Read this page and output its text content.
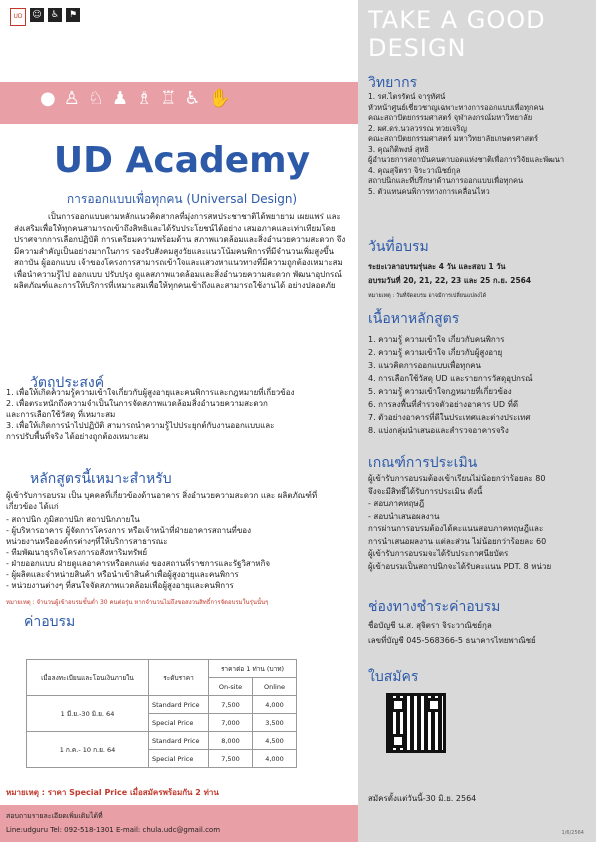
UD ☺	♿	⚑
● ♙ ♘ ♟ ♗ ♖ ♿ ✋
UD Academy
การออกแบบเพื่อทุกคน (Universal Design)
เป็นการออกแบบตามหลักแนวคิดสากลที่มุ่งการสหประชาชาติได้พยายาม เผยแพร่ และส่งเสริมเพื่อให้ทุกคนสามารถเข้าถึงสิทธิและได้รับประโยชน์ได้อย่าง เสมอภาคและเท่าเทียมโดยปราศจากการเลือกปฏิบัติ การเตรียมความพร้อมด้าน สภาพแวดล้อมและสิ่งอำนวยความสะดวก จึงมีความสำคัญเป็นอย่างมากในการ รองรับสังคมสูงวัยและแนวโน้มคนพิการที่มีจำนวนเพิ่มสูงขึ้น สถาบัน ผู้ออกแบบ เจ้าของโครงการสามารถเข้าใจและแสวงหาแนวทางที่มีความถูกต้องเหมาะสม เพื่อนำความรู้ไป ออกแบบ ปรับปรุง ดูแลสภาพแวดล้อมและสิ่งอำนวยความสะดวก พัฒนาอุปกรณ์ ผลิตภัณฑ์และการให้บริการที่เหมาะสมเพื่อให้ทุกคนเข้าถึงและสามารถใช้งานได้ อย่างปลอดภัย
วัตถุประสงค์
1. เพื่อให้เกิดความรู้ความเข้าใจเกี่ยวกับผู้สูงอายุและคนพิการและกฎหมายที่เกี่ยวข้อง
2. เพื่อตระหนักถึงความจำเป็นในการจัดสภาพแวดล้อมสิ่งอำนวยความสะดวก
และการเลือกใช้วัสดุ ที่เหมาะสม
3. เพื่อให้เกิดการนำไปปฏิบัติ สามารถนำความรู้ไปประยุกต์กับงานออกแบบและ
การปรับพื้นที่จริง ได้อย่างถูกต้องเหมาะสม
หลักสูตรนี้เหมาะสำหรับ
ผู้เข้ารับการอบรม เป็น บุคคลที่เกี่ยวข้องด้านอาคาร สิ่งอำนวยความสะดวก และ ผลิตภัณฑ์ที่เกี่ยวข้อง ได้แก่
- สถาปนิก ภูมิสถาปนิก สถาปนิกภายใน
- ผู้บริหารอาคาร ผู้จัดการโครงการ หรือเจ้าหน้าที่ฝ่ายอาคารสถานที่ของ
หน่วยงานหรือองค์กรต่างๆที่ให้บริการสาธารณะ
- ทีมพัฒนาธุรกิจโครงการอสังหาริมทรัพย์
- ฝ่ายออกแบบ ฝ่ายดูแลอาคารหรือตกแต่ง ของสถานที่ราชการและรัฐวิสาหกิจ
- ผู้ผลิตและจำหน่ายสินค้า หรือนำเข้าสินค้าเพื่อผู้สูงอายุและคนพิการ
- หน่วยงานต่างๆ ที่สนใจจัดสภาพแวดล้อมเพื่อผู้สูงอายุและคนพิการ
หมายเหตุ : จำนวนผู้เข้าอบรมขั้นต่ำ 30 คนต่อรุ่น หากจำนวนไม่ถึงขอสงวนสิทธิ์การจัดอบรมในรุ่นนั้นๆ
ค่าอบรม
เมื่อลงทะเบียนและโอนเงินภายใน	ระดับราคา	ราคาต่อ 1 ท่าน (บาท)	
		On-site	Online
1 มี.ย.-30 มิ.ย. 64	Standard Price	7,500	4,000
	Special Price	7,000	3,500
1 ก.ค.- 10 ก.ย. 64	Standard Price	8,000	4,500
	Special Price	7,500	4,000
หมายเหตุ : ราคา Special Price เมื่อสมัครพร้อมกัน 2 ท่าน
สอบถามรายละเอียดเพิ่มเติมได้ที่
Line:udguru Tel: 092-518-1301 E-mail: chula.udc@gmail.com
TAKE A GOOD
DESIGN
วิทยากร
1. รศ.ไตรรัตน์ จารุทัศน์
หัวหน้าศูนย์เชี่ยวชาญเฉพาะทางการออกแบบเพื่อทุกคน
คณะสถาปัตยกรรมศาสตร์ จุฬาลงกรณ์มหาวิทยาลัย
2. ผศ.ดร.นวลวรรณ ทวยเจริญ
คณะสถาปัตยกรรมศาสตร์ มหาวิทยาลัยเกษตรศาสตร์
3. คุณกิติพงษ์ สุทธิ
ผู้อำนวยการสถาบันคนตาบอดแห่งชาติเพื่อการวิจัยและพัฒนา
4. คุณสุจิตรา จิระวาณิชย์กุล
สถาปนิกและที่ปรึกษาด้านการออกแบบเพื่อทุกคน
5. ตัวแทนคนพิการทางการเคลื่อนไหว
วันที่อบรม
ระยะเวลาอบรมรุ่นละ 4 วัน และสอบ 1 วัน
อบรมวันที่ 20, 21, 22, 23 และ 25 ก.ย. 2564
หมายเหตุ : วันที่จัดอบรม อาจมีการเปลี่ยนแปลงได้
เนื้อหาหลักสูตร
1. ความรู้ ความเข้าใจ เกี่ยวกับคนพิการ
2. ความรู้ ความเข้าใจ เกี่ยวกับผู้สูงอายุ
3. แนวคิดการออกแบบเพื่อทุกคน
4. การเลือกใช้วัสดุ UD และรายการวัสดุอุปกรณ์
5. ความรู้ ความเข้าใจกฎหมายที่เกี่ยวข้อง
6. การลงพื้นที่สำรวจตัวอย่างอาคาร UD ที่ดี
7. ตัวอย่างอาคารที่ดีในประเทศและต่างประเทศ
8. แบ่งกลุ่มนำเสนอและสำรวจอาคารจริง
เกณฑ์การประเมิน
ผู้เข้ารับการอบรมต้องเข้าเรียนไม่น้อยกว่าร้อยละ 80
จึงจะมีสิทธิ์ได้รับการประเมิน ดังนี้
- สอบภาคทฤษฎี
- สอบนำเสนอผลงาน
การผ่านการอบรมต้องได้คะแนนสอบภาคทฤษฎีและ
การนำเสนอผลงาน แต่ละส่วน ไม่น้อยกว่าร้อยละ 60
ผู้เข้ารับการอบรมจะได้รับประกาศนียบัตร
ผู้เข้าอบรมเป็นสถาปนิกจะได้รับคะแนน PDT. 8 หน่วย
ช่องทางชำระค่าอบรม
ชื่อบัญชี น.ส. สุจิตรา จิระวาณิชย์กุล
เลขที่บัญชี 045-568366-5 ธนาคารไทยพาณิชย์
ใบสมัคร
สมัครตั้งแต่วันนี้-30 มิ.ย. 2564
1/6/2564
